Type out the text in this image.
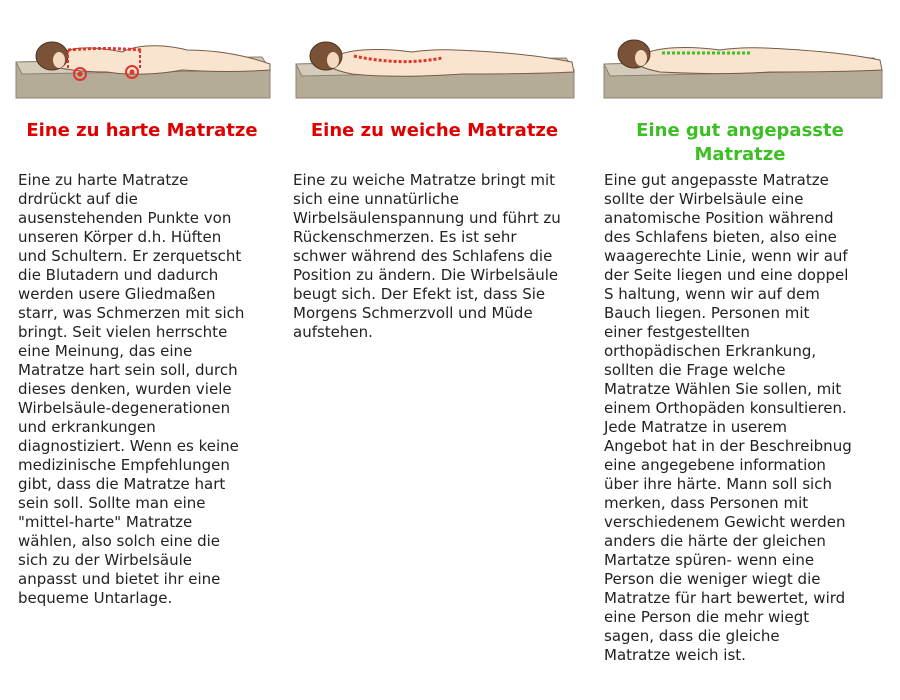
Eine zu harte Matratze

Eine zu harte Matratze
drdrückt auf die
ausenstehenden Punkte von
unseren Körper d.h. Hüften
und Schultern. Er zerquetscht
die Blutadern und dadurch
werden usere Gliedmaßen
starr, was Schmerzen mit sich
bringt. Seit vielen herrschte
eine Meinung, das eine
Matratze hart sein soll, durch
dieses denken, wurden viele
Wirbelsäule-degenerationen
und erkrankungen
diagnostiziert. Wenn es keine
medizinische Empfehlungen
gibt, dass die Matratze hart
sein soll. Sollte man eine
"mittel-harte" Matratze
wählen, also solch eine die
sich zu der Wirbelsäule
anpasst und bietet ihr eine
bequeme Untarlage.

Eine zu weiche Matratze

Eine zu weiche Matratze bringt mit
sich eine unnatürliche
Wirbelsäulenspannung und führt zu
Rückenschmerzen. Es ist sehr
schwer während des Schlafens die
Position zu ändern. Die Wirbelsäule
beugt sich. Der Efekt ist, dass Sie
Morgens Schmerzvoll und Müde
aufstehen.

Eine gut angepasste
Matratze

Eine gut angepasste Matratze
sollte der Wirbelsäule eine
anatomische Position während
des Schlafens bieten, also eine
waagerechte Linie, wenn wir auf
der Seite liegen und eine doppel
S haltung, wenn wir auf dem
Bauch liegen. Personen mit
einer festgestellten
orthopädischen Erkrankung,
sollten die Frage welche
Matratze Wählen Sie sollen, mit
einem Orthopäden konsultieren.
Jede Matratze in userem
Angebot hat in der Beschreibnug
eine angegebene information
über ihre härte. Mann soll sich
merken, dass Personen mit
verschiedenem Gewicht werden
anders die härte der gleichen
Martatze spüren- wenn eine
Person die weniger wiegt die
Matratze für hart bewertet, wird
eine Person die mehr wiegt
sagen, dass die gleiche
Matratze weich ist.
